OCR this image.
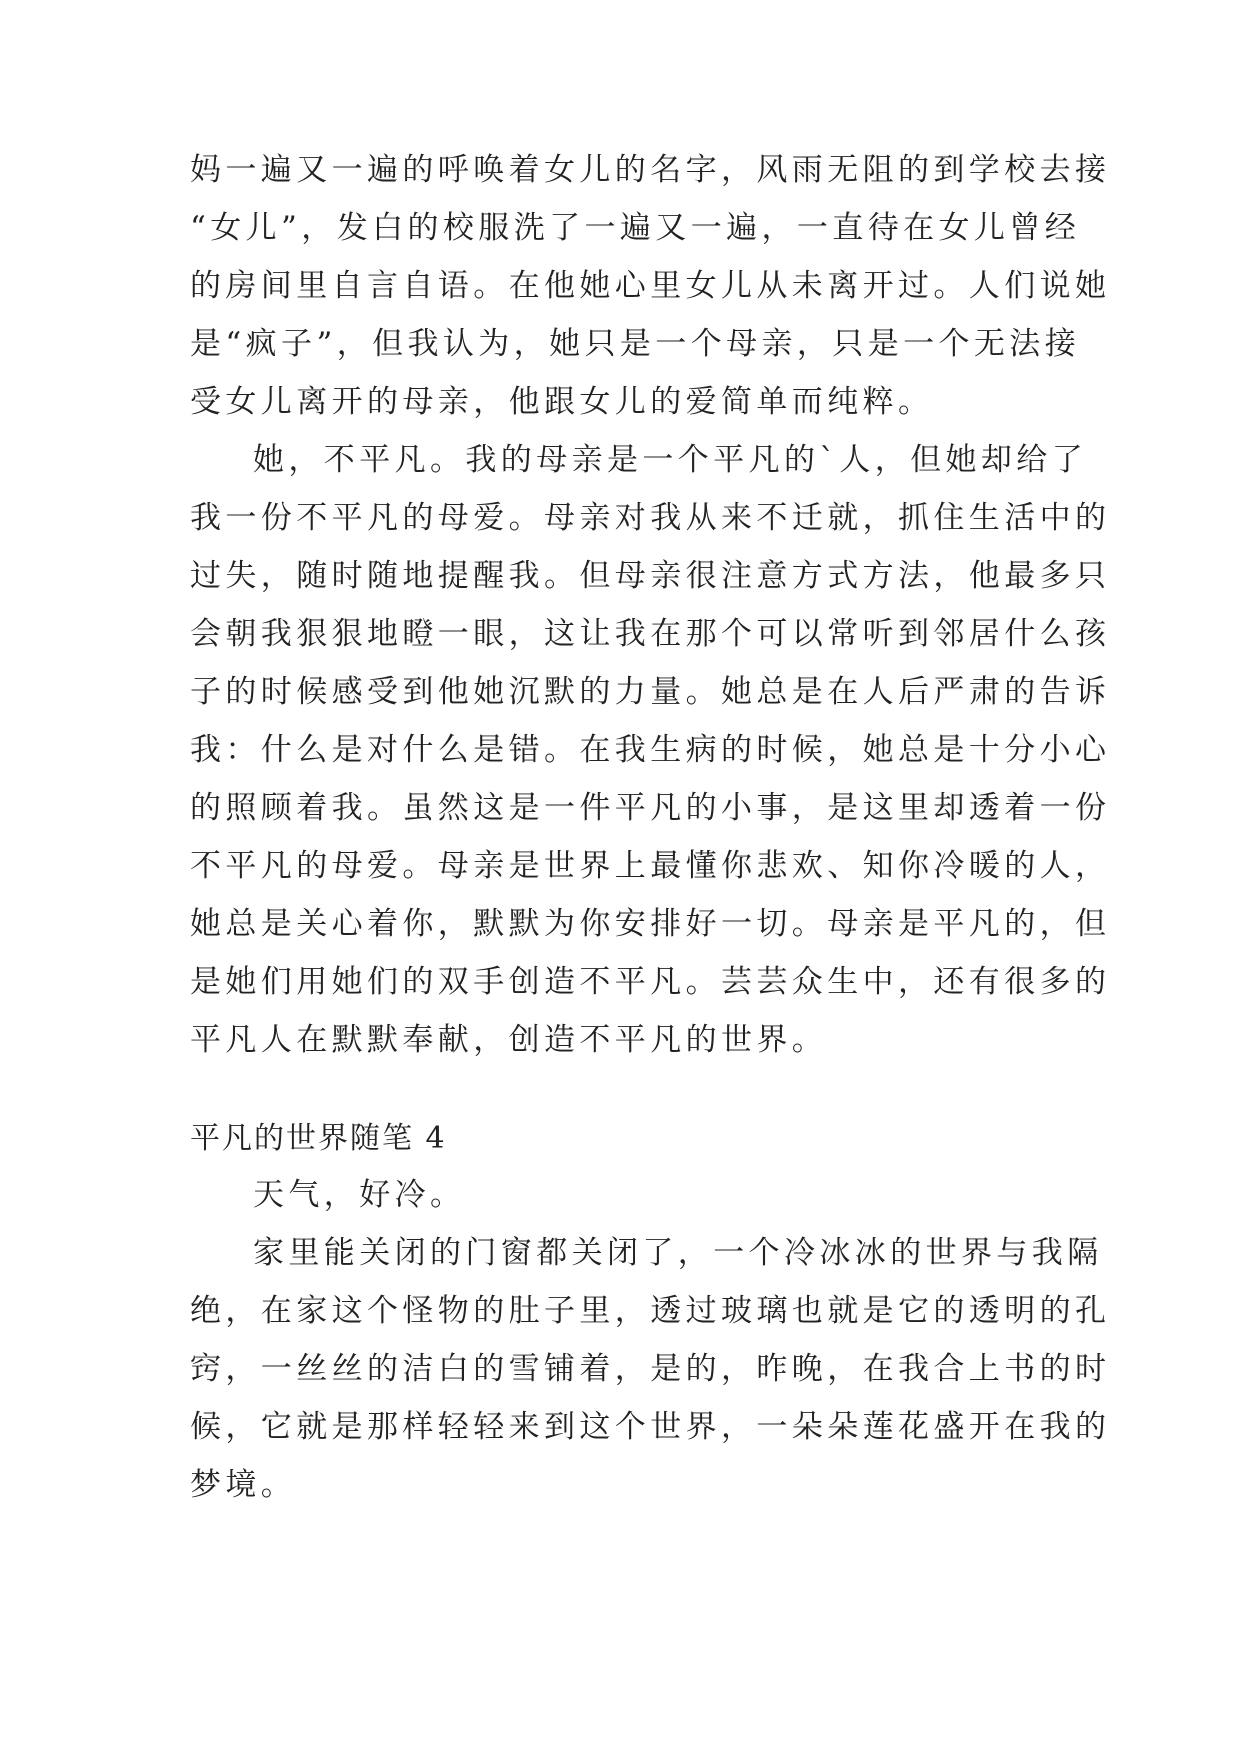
妈一遍又一遍的呼唤着女儿的名字，风雨无阻的到学校去接
“女儿”，发白的校服洗了一遍又一遍，一直待在女儿曾经
的房间里自言自语。在他她心里女儿从未离开过。人们说她
是“疯子”，但我认为，她只是一个母亲，只是一个无法接
受女儿离开的母亲，他跟女儿的爱简单而纯粹。
她，不平凡。我的母亲是一个平凡的`人，但她却给了
我一份不平凡的母爱。母亲对我从来不迁就，抓住生活中的
过失，随时随地提醒我。但母亲很注意方式方法，他最多只
会朝我狠狠地瞪一眼，这让我在那个可以常听到邻居什么孩
子的时候感受到他她沉默的力量。她总是在人后严肃的告诉
我：什么是对什么是错。在我生病的时候，她总是十分小心
的照顾着我。虽然这是一件平凡的小事，是这里却透着一份
不平凡的母爱。母亲是世界上最懂你悲欢、知你冷暖的人，
她总是关心着你，默默为你安排好一切。母亲是平凡的，但
是她们用她们的双手创造不平凡。芸芸众生中，还有很多的
平凡人在默默奉献，创造不平凡的世界。
平凡的世界随笔 4
天气，好冷。
家里能关闭的门窗都关闭了，一个冷冰冰的世界与我隔
绝，在家这个怪物的肚子里，透过玻璃也就是它的透明的孔
窍，一丝丝的洁白的雪铺着，是的，昨晚，在我合上书的时
候，它就是那样轻轻来到这个世界，一朵朵莲花盛开在我的
梦境。
